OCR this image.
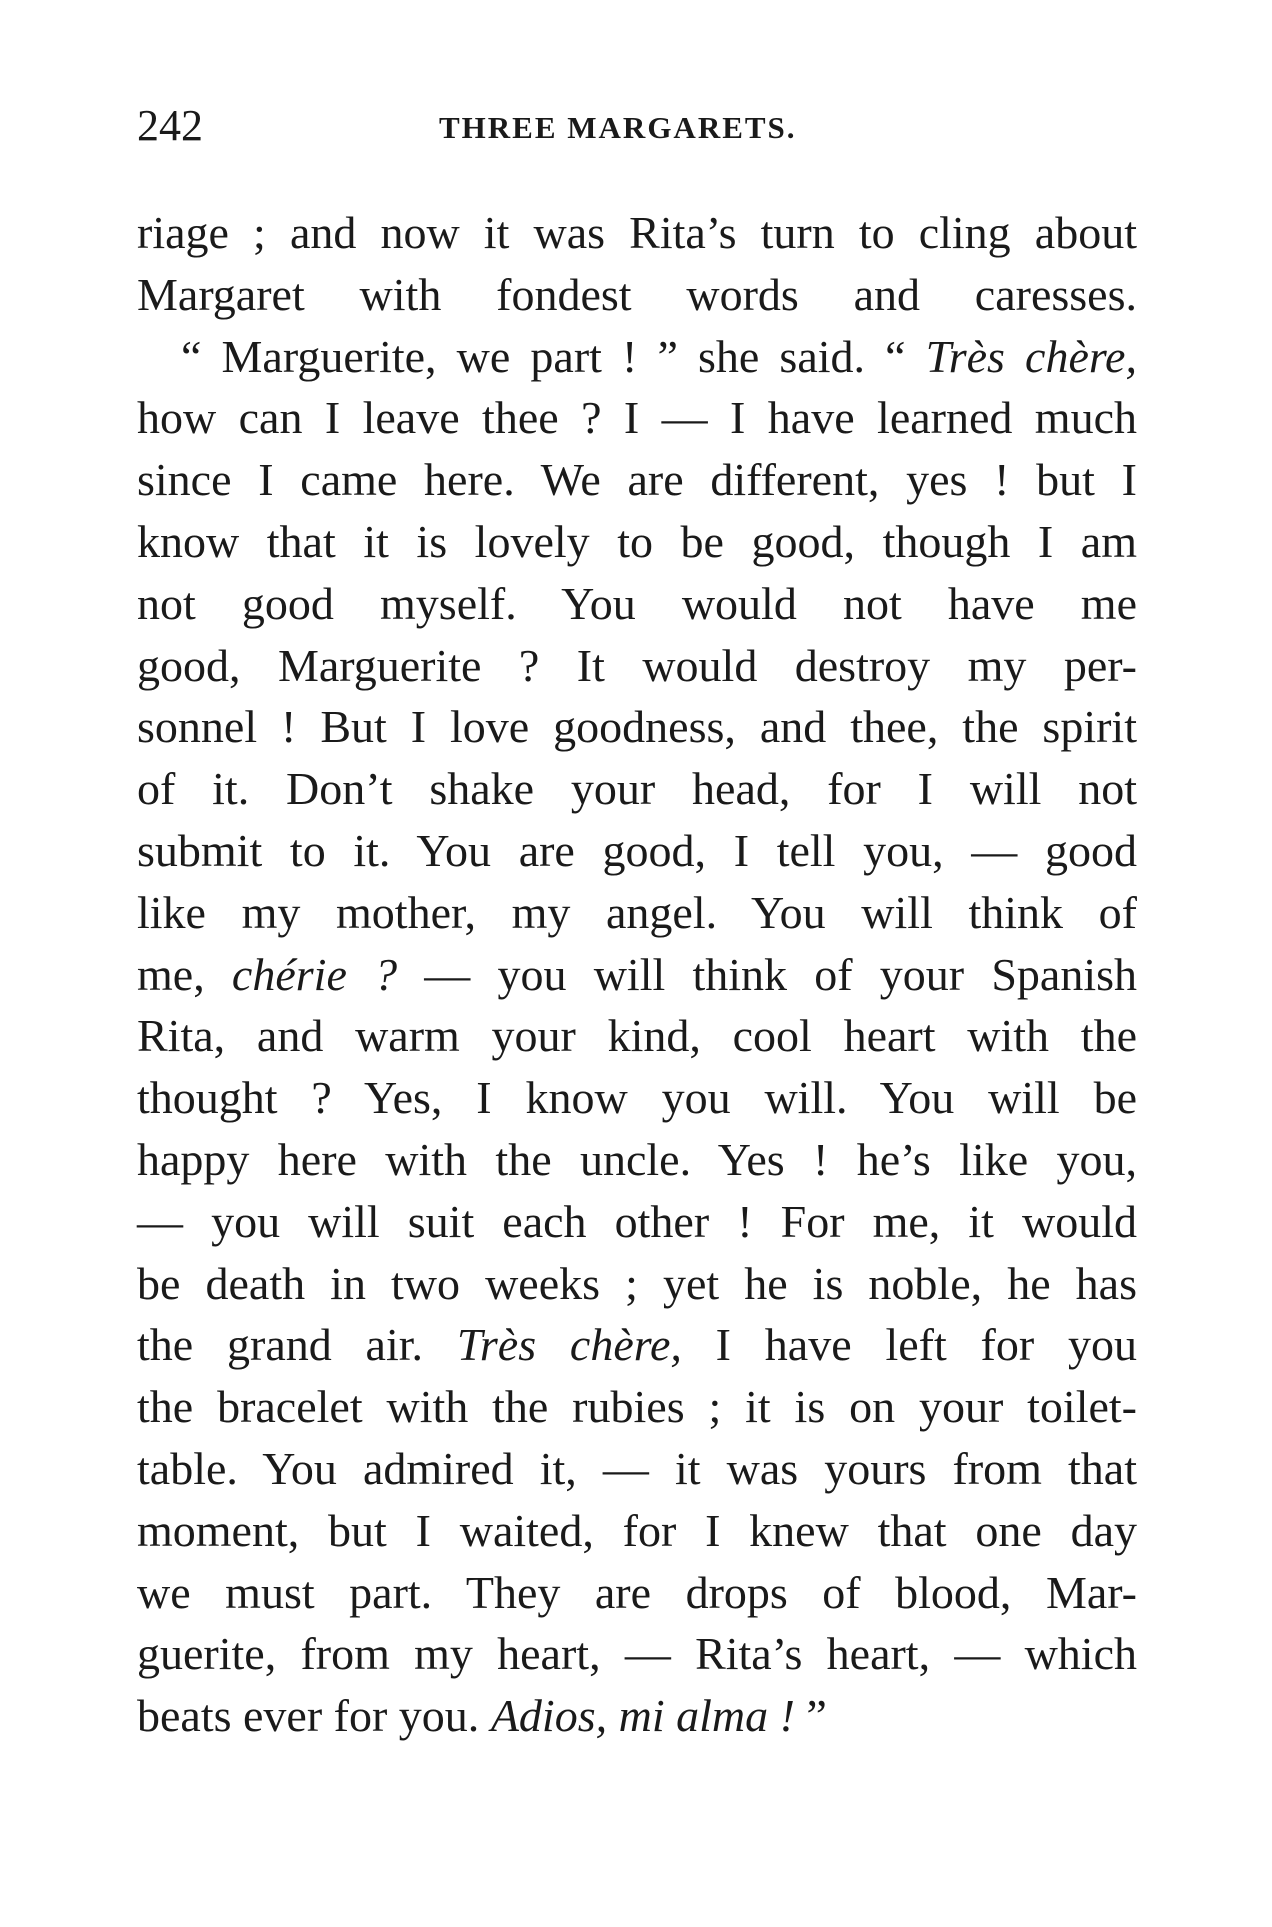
242	THREE MARGARETS.
riage ; and now it was Rita’s turn to cling about
Margaret with fondest words and caresses.
“ Marguerite, we part ! ” she said. “ Très chère,
how can I leave thee ? I — I have learned much
since I came here. We are different, yes ! but I
know that it is lovely to be good, though I am
not good myself. You would not have me
good, Marguerite ? It would destroy my per-
sonnel ! But I love goodness, and thee, the spirit
of it. Don’t shake your head, for I will not
submit to it. You are good, I tell you, — good
like my mother, my angel. You will think of
me, chérie ? — you will think of your Spanish
Rita, and warm your kind, cool heart with the
thought ? Yes, I know you will. You will be
happy here with the uncle. Yes ! he’s like you,
— you will suit each other ! For me, it would
be death in two weeks ; yet he is noble, he has
the grand air. Très chère, I have left for you
the bracelet with the rubies ; it is on your toilet-
table. You admired it, — it was yours from that
moment, but I waited, for I knew that one day
we must part. They are drops of blood, Mar-
guerite, from my heart, — Rita’s heart, — which
beats ever for you. Adios, mi alma ! ”
